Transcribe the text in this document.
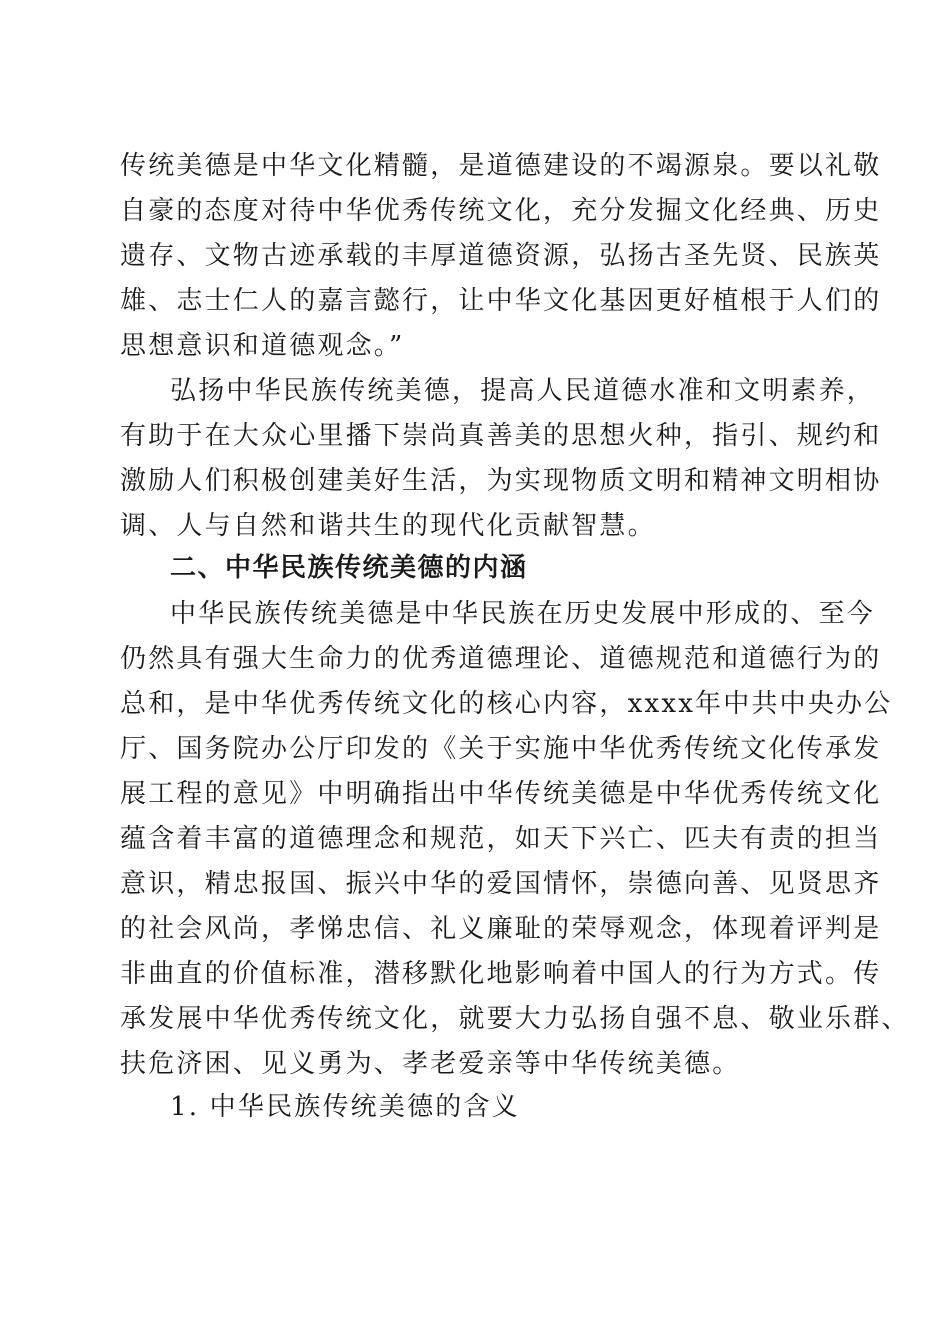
传统美德是中华文化精髓，是道德建设的不竭源泉。要以礼敬
自豪的态度对待中华优秀传统文化，充分发掘文化经典、历史
遗存、文物古迹承载的丰厚道德资源，弘扬古圣先贤、民族英
雄、志士仁人的嘉言懿行，让中华文化基因更好植根于人们的
思想意识和道德观念。”
弘扬中华民族传统美德，提高人民道德水准和文明素养，
有助于在大众心里播下崇尚真善美的思想火种，指引、规约和
激励人们积极创建美好生活，为实现物质文明和精神文明相协
调、人与自然和谐共生的现代化贡献智慧。
二、中华民族传统美德的内涵
中华民族传统美德是中华民族在历史发展中形成的、至今
仍然具有强大生命力的优秀道德理论、道德规范和道德行为的
总和，是中华优秀传统文化的核心内容，xxxx年中共中央办公
厅、国务院办公厅印发的《关于实施中华优秀传统文化传承发
展工程的意见》中明确指出中华传统美德是中华优秀传统文化
蕴含着丰富的道德理念和规范，如天下兴亡、匹夫有责的担当
意识，精忠报国、振兴中华的爱国情怀，崇德向善、见贤思齐
的社会风尚，孝悌忠信、礼义廉耻的荣辱观念，体现着评判是
非曲直的价值标准，潜移默化地影响着中国人的行为方式。传
承发展中华优秀传统文化，就要大力弘扬自强不息、敬业乐群、
扶危济困、见义勇为、孝老爱亲等中华传统美德。
1. 中华民族传统美德的含义
